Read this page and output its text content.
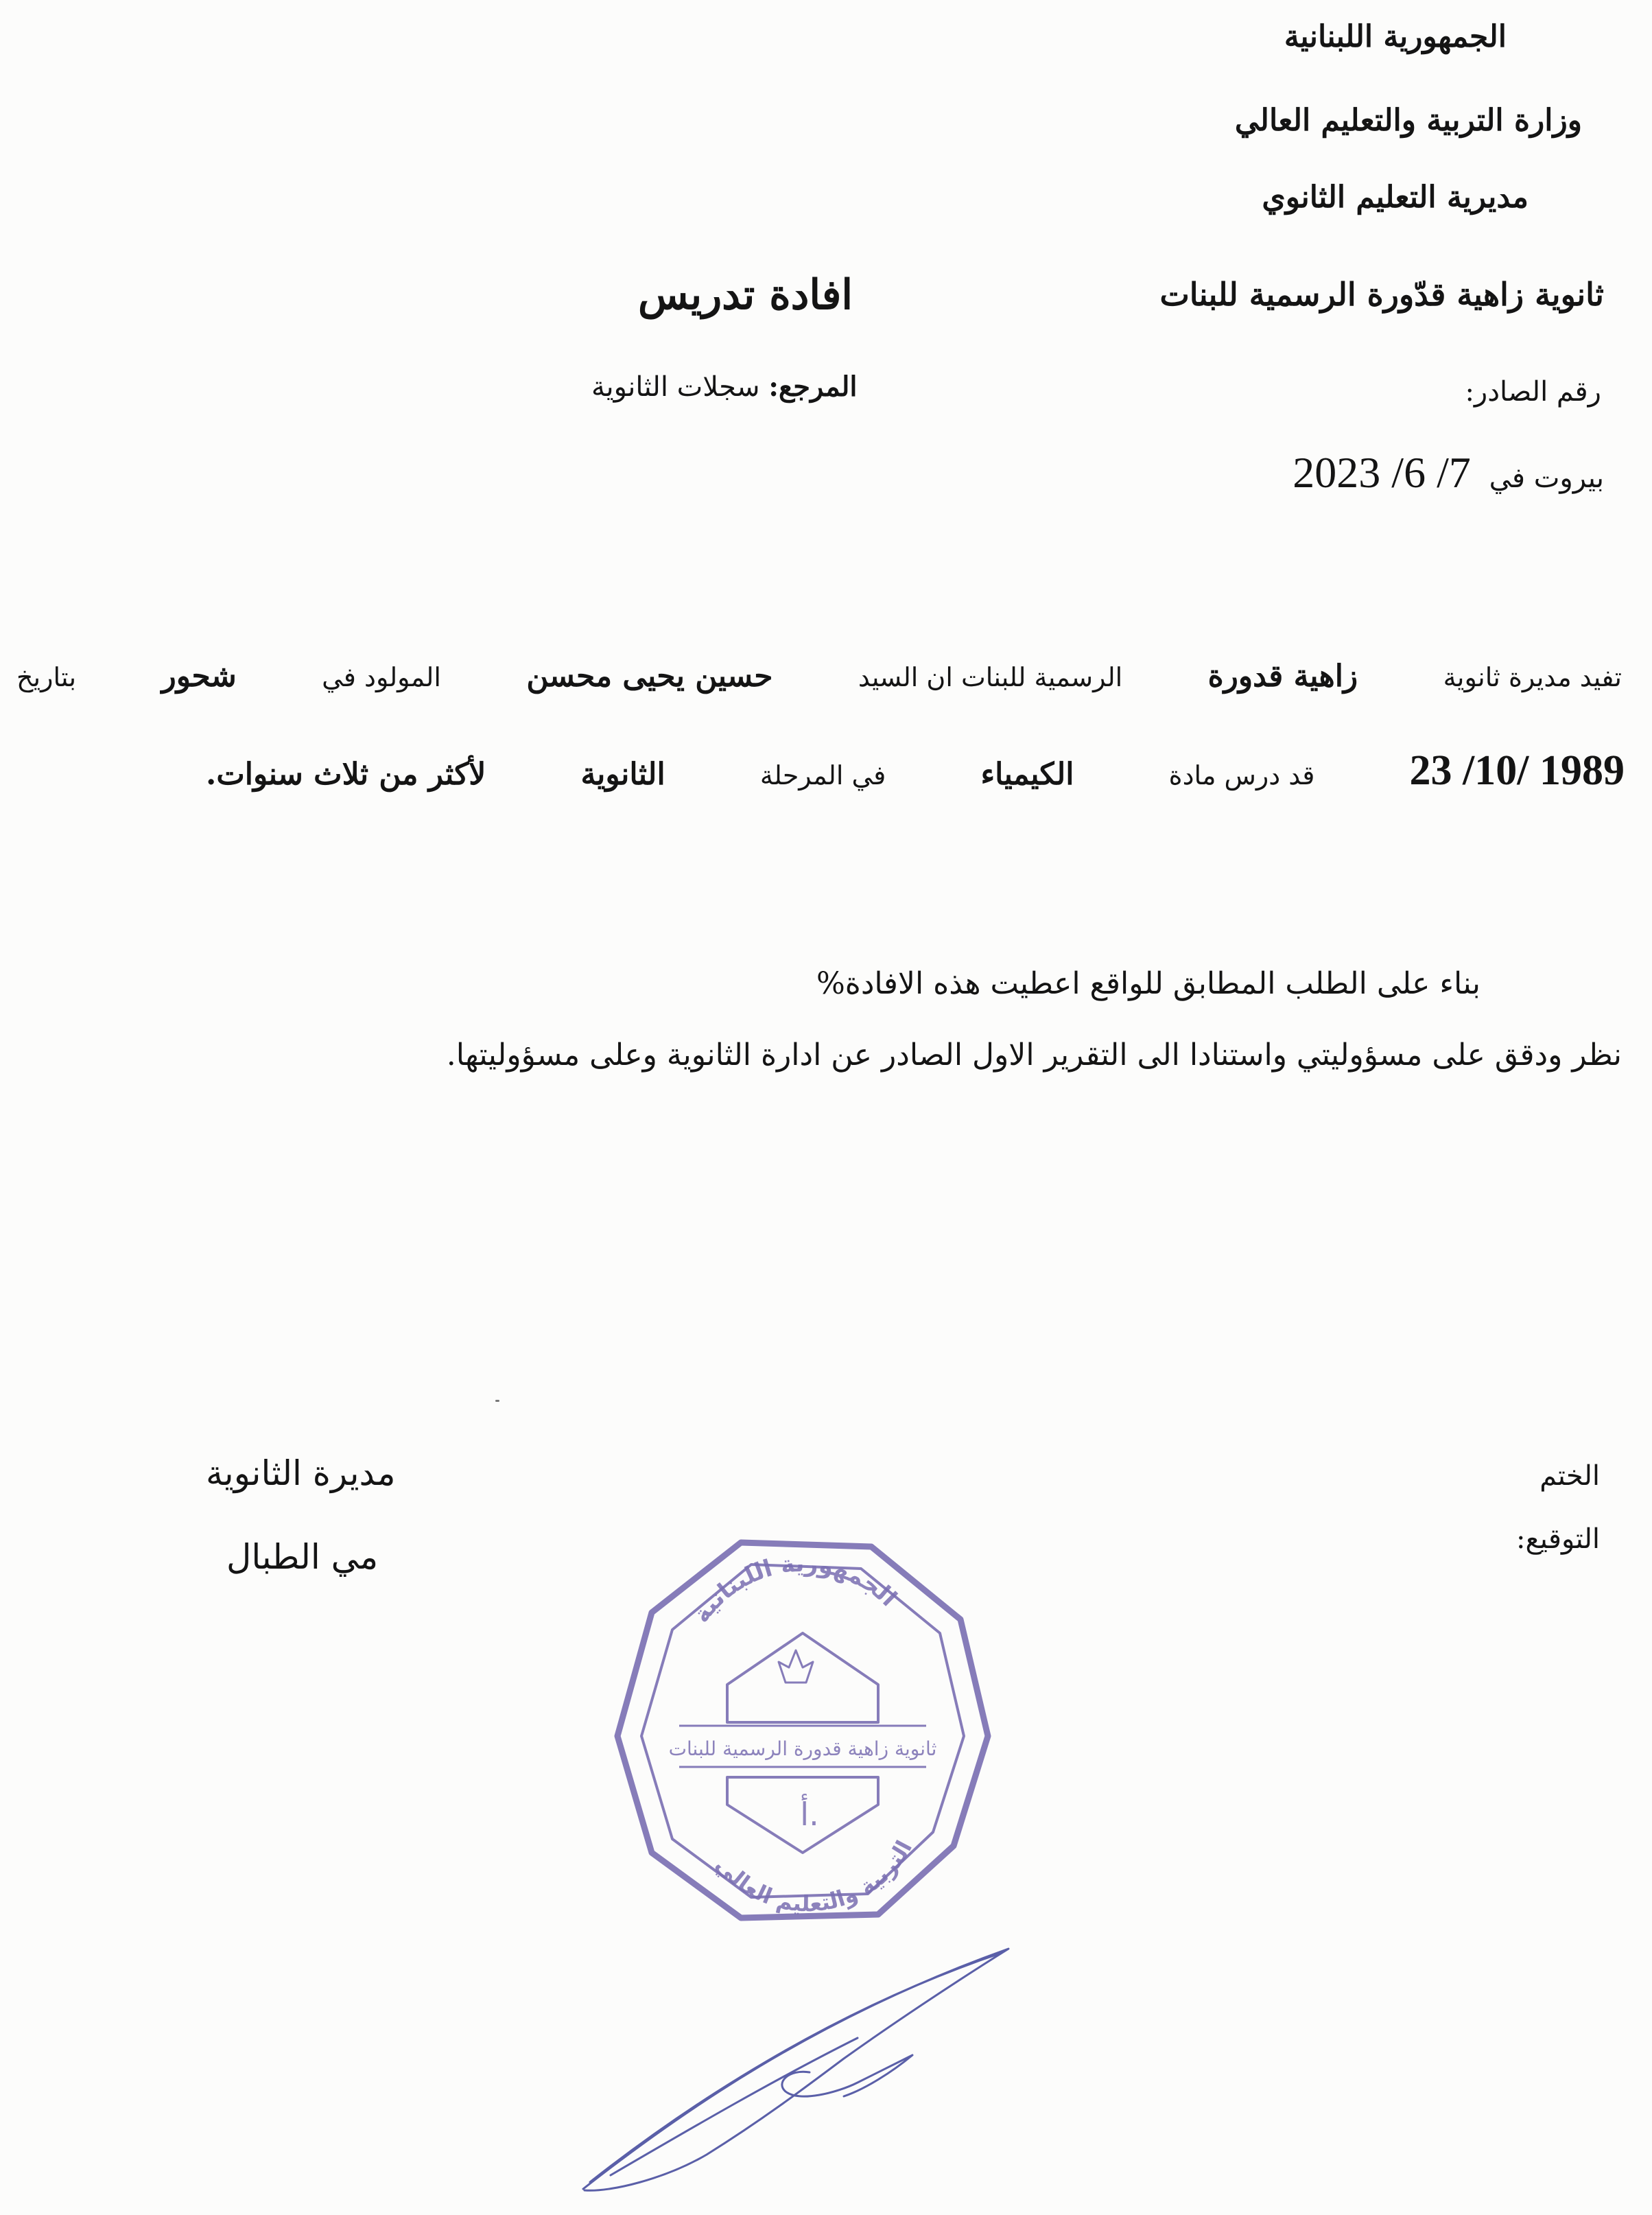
الجمهورية اللبنانية
وزارة التربية والتعليم العالي
مديرية التعليم الثانوي
ثانوية زاهية قدّورة الرسمية للبنات
افادة تدريس
رقم الصادر:
المرجع: سجلات الثانوية
بيروت في 2023 /6 /7
تفيد مديرة ثانوية
زاهية قدورة
الرسمية للبنات ان السيد
حسين يحيى محسن
المولود في
شحور
بتاريخ
23 /10/ 1989
قد درس مادة
الكيمياء
في المرحلة
الثانوية
لأكثر من ثلاث سنوات.
بناء على الطلب المطابق للواقع اعطيت هذه الافادة%
نظر ودقق على مسؤوليتي واستنادا الى التقرير الاول الصادر عن ادارة الثانوية وعلى مسؤوليتها.
الختم
التوقيع:
مديرة الثانوية
مي الطبال
الجمهورية اللبنانية
ثانوية زاهية قدورة الرسمية للبنات
أ.
التربية والتعليم العالي
